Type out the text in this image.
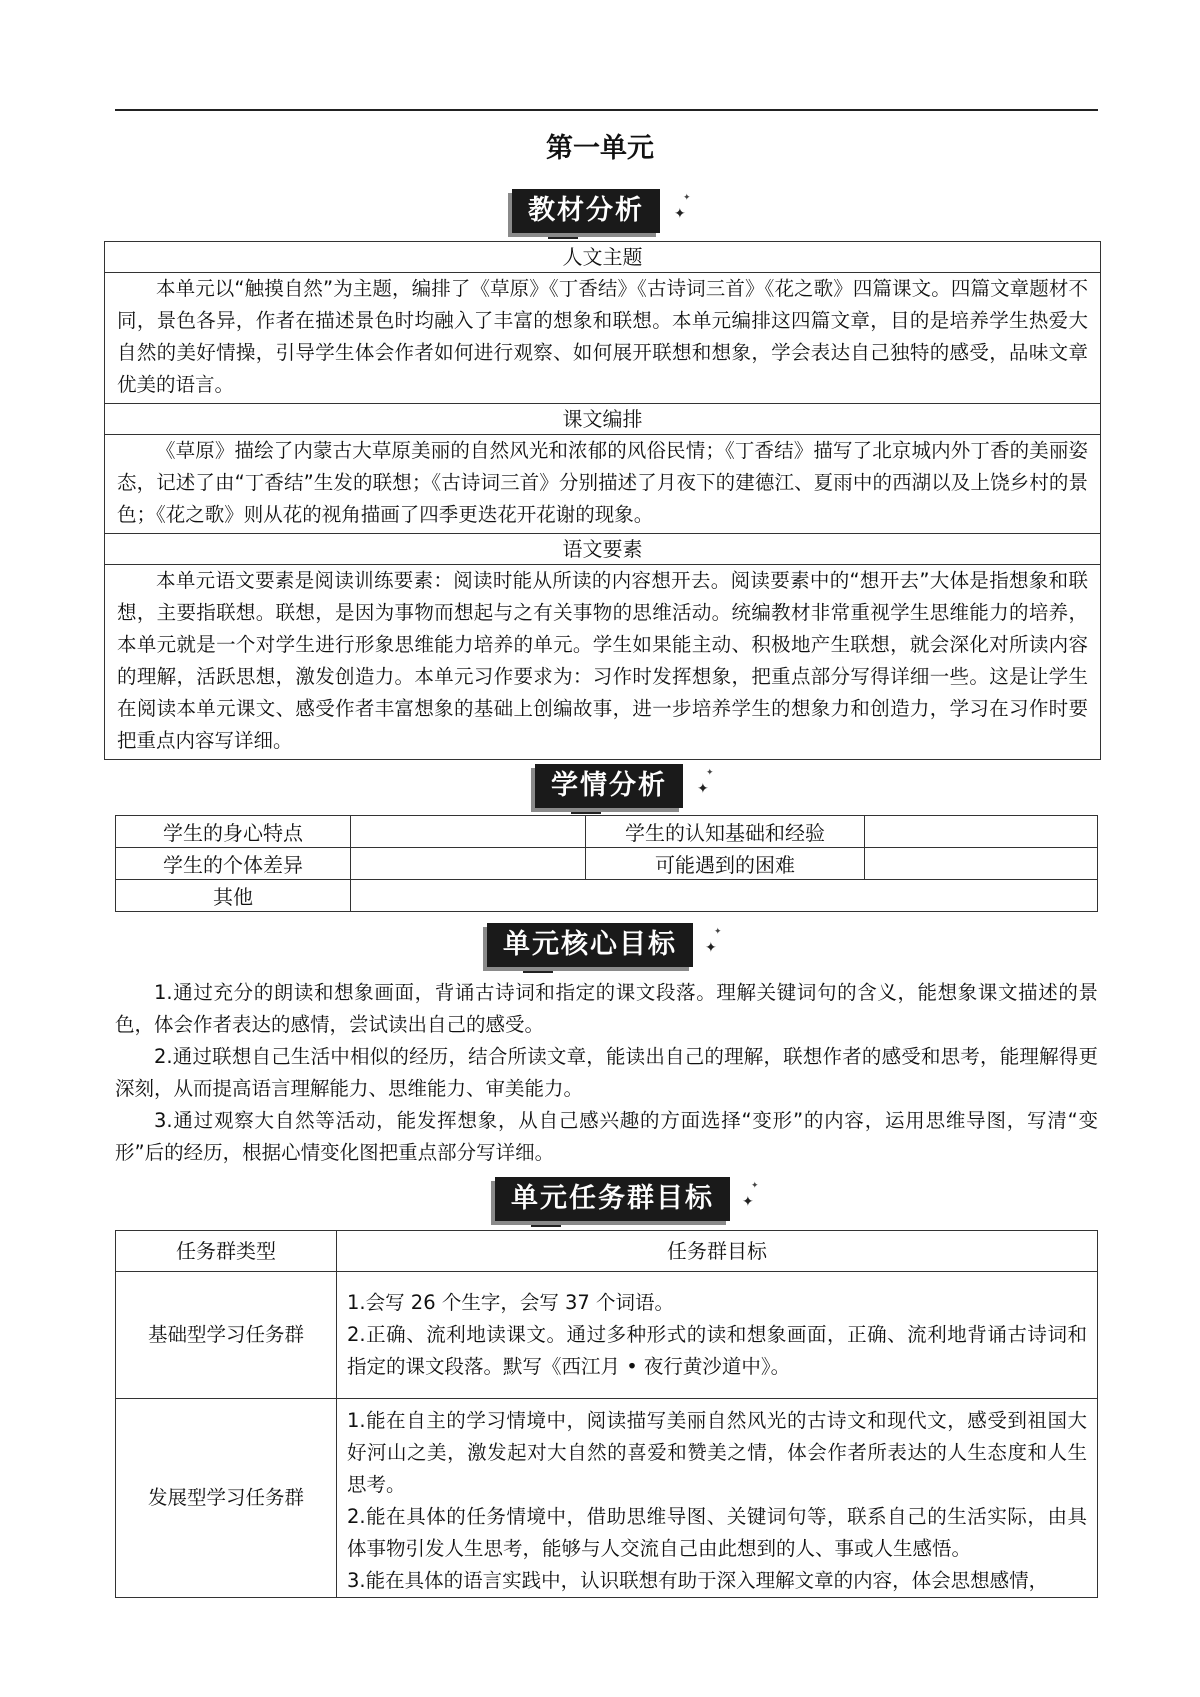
第一单元
教材分析	✦
✦
人文主题
本单元以“触摸自然”为主题，编排了《草原》《丁香结》《古诗词三首》《花之歌》四篇课文。四篇文章题材不同，景色各异，作者在描述景色时均融入了丰富的想象和联想。本单元编排这四篇文章，目的是培养学生热爱大自然的美好情操，引导学生体会作者如何进行观察、如何展开联想和想象，学会表达自己独特的感受，品味文章优美的语言。
课文编排
《草原》描绘了内蒙古大草原美丽的自然风光和浓郁的风俗民情；《丁香结》描写了北京城内外丁香的美丽姿态，记述了由“丁香结”生发的联想；《古诗词三首》分别描述了月夜下的建德江、夏雨中的西湖以及上饶乡村的景色；《花之歌》则从花的视角描画了四季更迭花开花谢的现象。
语文要素
本单元语文要素是阅读训练要素：阅读时能从所读的内容想开去。阅读要素中的“想开去”大体是指想象和联想，主要指联想。联想，是因为事物而想起与之有关事物的思维活动。统编教材非常重视学生思维能力的培养，本单元就是一个对学生进行形象思维能力培养的单元。学生如果能主动、积极地产生联想，就会深化对所读内容的理解，活跃思想，激发创造力。本单元习作要求为：习作时发挥想象，把重点部分写得详细一些。这是让学生在阅读本单元课文、感受作者丰富想象的基础上创编故事，进一步培养学生的想象力和创造力，学习在习作时要把重点内容写详细。
学情分析	✦
✦
学生的身心特点		学生的认知基础和经验	
学生的个体差异		可能遇到的困难	
其他			
单元核心目标	✦
✦

1.通过充分的朗读和想象画面，背诵古诗词和指定的课文段落。理解关键词句的含义，能想象课文描述的景色，体会作者表达的感情，尝试读出自己的感受。

2.通过联想自己生活中相似的经历，结合所读文章，能读出自己的理解，联想作者的感受和思考，能理解得更深刻，从而提高语言理解能力、思维能力、审美能力。

3.通过观察大自然等活动，能发挥想象，从自己感兴趣的方面选择“变形”的内容，运用思维导图，写清“变形”后的经历，根据心情变化图把重点部分写详细。

单元任务群目标	✦
✦
任务群类型	任务群目标
基础型学习任务群	1.会写 26 个生字，会写 37 个词语。

2.正确、流利地读课文。通过多种形式的读和想象画面，正确、流利地背诵古诗词和指定的课文段落。默写《西江月 • 夜行黄沙道中》。

发展型学习任务群	1.能在自主的学习情境中，阅读描写美丽自然风光的古诗文和现代文，感受到祖国大好河山之美，激发起对大自然的喜爱和赞美之情，体会作者所表达的人生态度和人生思考。

2.能在具体的任务情境中，借助思维导图、关键词句等，联系自己的生活实际，由具体事物引发人生思考，能够与人交流自己由此想到的人、事或人生感悟。

3.能在具体的语言实践中，认识联想有助于深入理解文章的内容，体会思想感情，
